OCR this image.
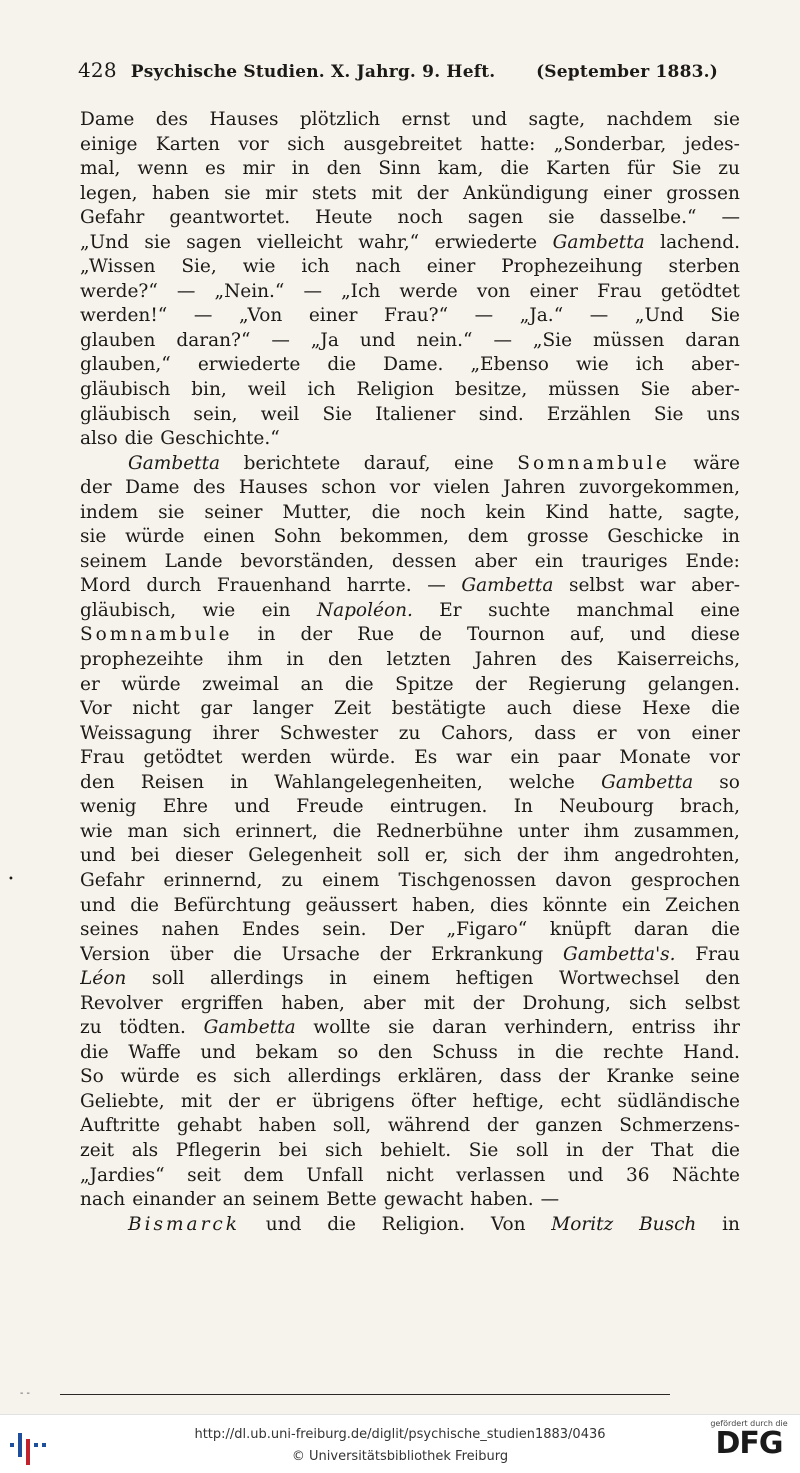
428 Psychische Studien. X. Jahrg. 9. Heft.	(September 1883.)
Dame des Hauses plötzlich ernst und sagte, nachdem sie
einige Karten vor sich ausgebreitet hatte: „Sonderbar, jedes-
mal, wenn es mir in den Sinn kam, die Karten für Sie zu
legen, haben sie mir stets mit der Ankündigung einer grossen
Gefahr geantwortet. Heute noch sagen sie dasselbe.“ —
„Und sie sagen vielleicht wahr,“ erwiederte Gambetta lachend.
„Wissen Sie, wie ich nach einer Prophezeihung sterben
werde?“ — „Nein.“ — „Ich werde von einer Frau getödtet
werden!“ — „Von einer Frau?“ — „Ja.“ — „Und Sie
glauben daran?“ — „Ja und nein.“ — „Sie müssen daran
glauben,“ erwiederte die Dame. „Ebenso wie ich aber-
gläubisch bin, weil ich Religion besitze, müssen Sie aber-
gläubisch sein, weil Sie Italiener sind. Erzählen Sie uns
also die Geschichte.“
Gambetta berichtete darauf, eine Somnambule wäre
der Dame des Hauses schon vor vielen Jahren zuvorgekommen,
indem sie seiner Mutter, die noch kein Kind hatte, sagte,
sie würde einen Sohn bekommen, dem grosse Geschicke in
seinem Lande bevorständen, dessen aber ein trauriges Ende:
Mord durch Frauenhand harrte. — Gambetta selbst war aber-
gläubisch, wie ein Napoléon. Er suchte manchmal eine
Somnambule in der Rue de Tournon auf, und diese
prophezeihte ihm in den letzten Jahren des Kaiserreichs,
er würde zweimal an die Spitze der Regierung gelangen.
Vor nicht gar langer Zeit bestätigte auch diese Hexe die
Weissagung ihrer Schwester zu Cahors, dass er von einer
Frau getödtet werden würde. Es war ein paar Monate vor
den Reisen in Wahlangelegenheiten, welche Gambetta so
wenig Ehre und Freude eintrugen. In Neubourg brach,
wie man sich erinnert, die Rednerbühne unter ihm zusammen,
und bei dieser Gelegenheit soll er, sich der ihm angedrohten,
Gefahr erinnernd, zu einem Tischgenossen davon gesprochen
und die Befürchtung geäussert haben, dies könnte ein Zeichen
seines nahen Endes sein. Der „Figaro“ knüpft daran die
Version über die Ursache der Erkrankung Gambetta's. Frau
Léon soll allerdings in einem heftigen Wortwechsel den
Revolver ergriffen haben, aber mit der Drohung, sich selbst
zu tödten. Gambetta wollte sie daran verhindern, entriss ihr
die Waffe und bekam so den Schuss in die rechte Hand.
So würde es sich allerdings erklären, dass der Kranke seine
Geliebte, mit der er übrigens öfter heftige, echt südländische
Auftritte gehabt haben soll, während der ganzen Schmerzens-
zeit als Pflegerin bei sich behielt. Sie soll in der That die
„Jardies“ seit dem Unfall nicht verlassen und 36 Nächte
nach einander an seinem Bette gewacht haben. —
Bismarck und die Religion. Von Moritz Busch in
•
- -
http://dl.ub.uni-freiburg.de/diglit/psychische_studien1883/0436
© Universitätsbibliothek Freiburg
gefördert durch die
DFG
